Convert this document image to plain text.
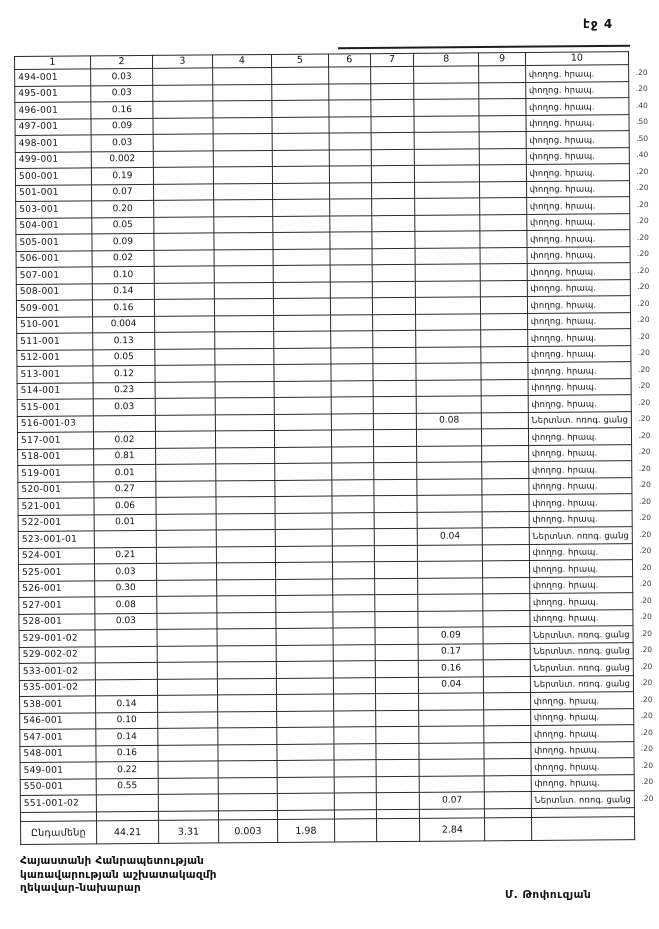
էջ 4
1	2	3	4	5	6	7	8	9	10	
494-001	0.03								փողոց. հրապ.	.20
495-001	0.03								փողոց. հրապ.	.20
496-001	0.16								փողոց. հրապ.	.40
497-001	0.09								փողոց. հրապ.	.50
498-001	0.03								փողոց. հրապ.	.50
499-001	0.002								փողոց. հրապ.	.40
500-001	0.19								փողոց. հրապ.	.20
501-001	0.07								փողոց. հրապ.	.20
503-001	0.20								փողոց. հրապ.	.20
504-001	0.05								փողոց. հրապ.	.20
505-001	0.09								փողոց. հրապ.	.20
506-001	0.02								փողոց. հրապ.	.20
507-001	0.10								փողոց. հրապ.	.20
508-001	0.14								փողոց. հրապ.	.20
509-001	0.16								փողոց. հրապ.	.20
510-001	0.004								փողոց. հրապ.	.20
511-001	0.13								փողոց. հրապ.	.20
512-001	0.05								փողոց. հրապ.	.20
513-001	0.12								փողոց. հրապ.	.20
514-001	0.23								փողոց. հրապ.	.20
515-001	0.03								փողոց. հրապ.	.20
516-001-03							0.08		Ներտնտ. ոռոգ. ցանց	.20
517-001	0.02								փողոց. հրապ.	.20
518-001	0.81								փողոց. հրապ.	.20
519-001	0.01								փողոց. հրապ.	.20
520-001	0.27								փողոց. հրապ.	.20
521-001	0.06								փողոց. հրապ.	.20
522-001	0.01								փողոց. հրապ.	.20
523-001-01							0.04		Ներտնտ. ոռոգ. ցանց	.20
524-001	0.21								փողոց. հրապ.	.20
525-001	0.03								փողոց. հրապ.	.20
526-001	0.30								փողոց. հրապ.	.20
527-001	0.08								փողոց. հրապ.	.20
528-001	0.03								փողոց. հրապ.	.20
529-001-02							0.09		Ներտնտ. ոռոգ. ցանց	.20
529-002-02							0.17		Ներտնտ. ոռոգ. ցանց	.20
533-001-02							0.16		Ներտնտ. ոռոգ. ցանց	.20
535-001-02							0.04		Ներտնտ. ոռոգ. ցանց	.20
538-001	0.14								փողոց. հրապ.	.20
546-001	0.10								փողոց. հրապ.	.20
547-001	0.14								փողոց. հրապ.	.20
548-001	0.16								փողոց. հրապ.	.20
549-001	0.22								փողոց. հրապ.	.20
550-001	0.55								փողոց. հրապ.	.20
551-001-02							0.07		Ներտնտ. ոռոգ. ցանց	.20

Ընդամենը	44.21	3.31	0.003	1.98			2.84			
Հայաստանի Հանրապետության
կառավարության աշխատակազմի
ղեկավար-նախարար
Մ. Թոփուզյան
